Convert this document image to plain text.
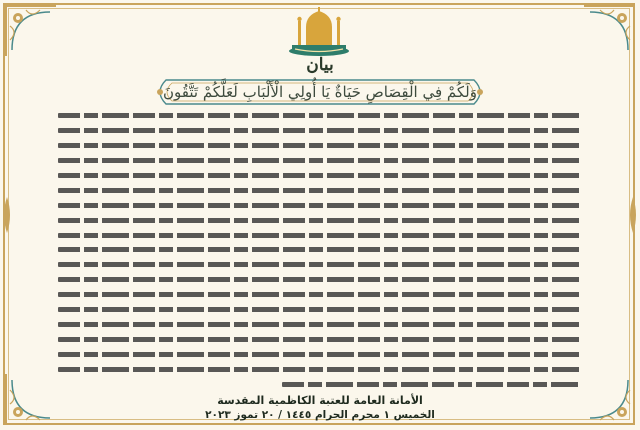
بيان
وَلَكُمْ فِي الْقِصَاصِ حَيَاةٌ يَا أُولِي الْأَلْبَابِ لَعَلَّكُمْ تَتَّقُونَ
الأمانة العامة للعتبة الكاظمية المقدسة
الخميس ١ محرم الحرام ١٤٤٥ / ٢٠ تموز ٢٠٢٣
